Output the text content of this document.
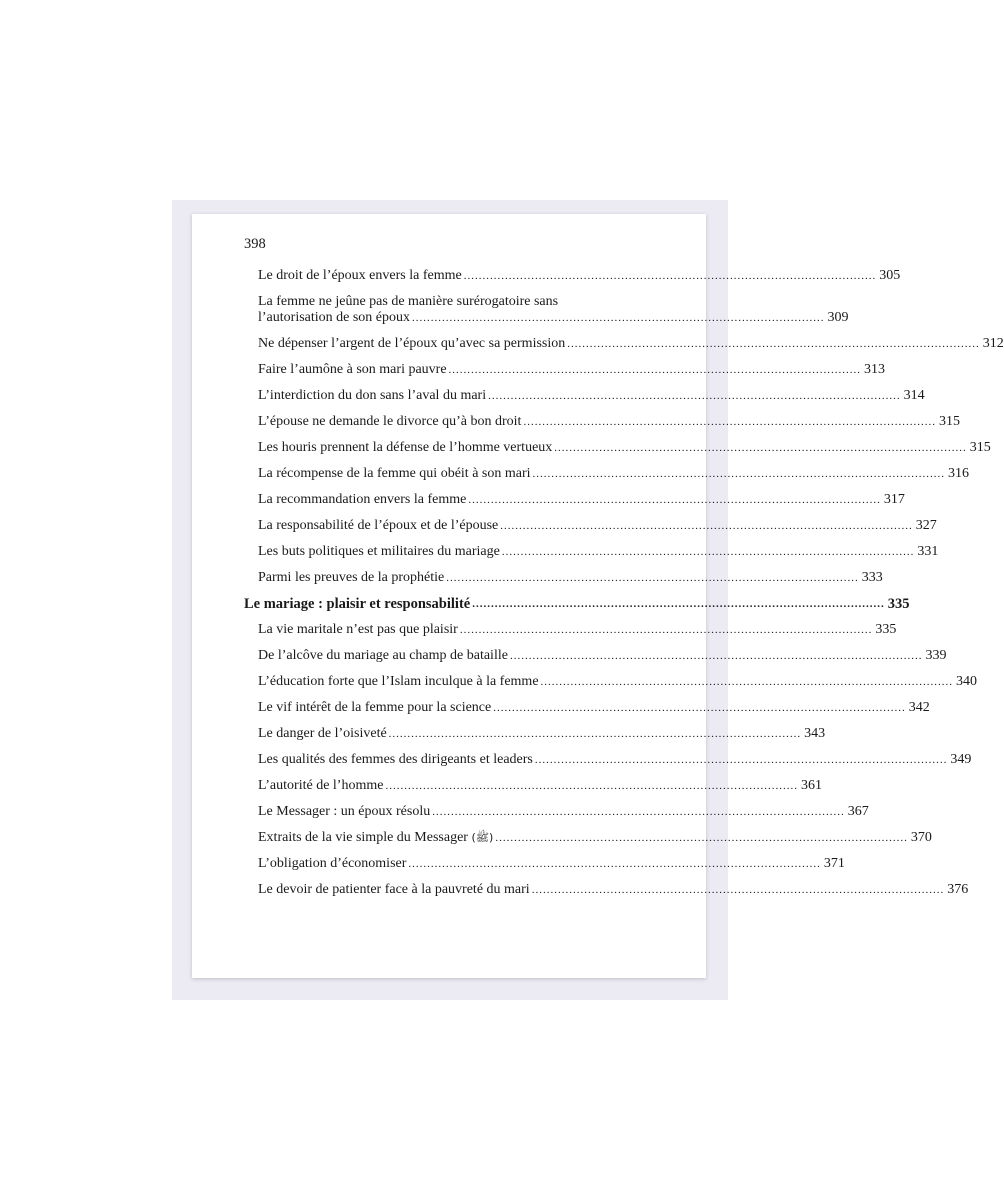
398
Le droit de l’époux envers la femme .............................................................................................................. 305
La femme ne jeûne pas de manière surérogatoire sans
l’autorisation de son époux .............................................................................................................. 309
Ne dépenser l’argent de l’époux qu’avec sa permission .............................................................................................................. 312
Faire l’aumône à son mari pauvre .............................................................................................................. 313
L’interdiction du don sans l’aval du mari .............................................................................................................. 314
L’épouse ne demande le divorce qu’à bon droit .............................................................................................................. 315
Les houris prennent la défense de l’homme vertueux .............................................................................................................. 315
La récompense de la femme qui obéit à son mari .............................................................................................................. 316
La recommandation envers la femme .............................................................................................................. 317
La responsabilité de l’époux et de l’épouse .............................................................................................................. 327
Les buts politiques et militaires du mariage .............................................................................................................. 331
Parmi les preuves de la prophétie .............................................................................................................. 333
Le mariage : plaisir et responsabilité .............................................................................................................. 335
La vie maritale n’est pas que plaisir .............................................................................................................. 335
De l’alcôve du mariage au champ de bataille .............................................................................................................. 339
L’éducation forte que l’Islam inculque à la femme .............................................................................................................. 340
Le vif intérêt de la femme pour la science .............................................................................................................. 342
Le danger de l’oisiveté .............................................................................................................. 343
Les qualités des femmes des dirigeants et leaders .............................................................................................................. 349
L’autorité de l’homme .............................................................................................................. 361
Le Messager : un époux résolu .............................................................................................................. 367
Extraits de la vie simple du Messager
(ﷺ) .............................................................................................................. 370
L’obligation d’économiser .............................................................................................................. 371
Le devoir de patienter face à la pauvreté du mari .............................................................................................................. 376
